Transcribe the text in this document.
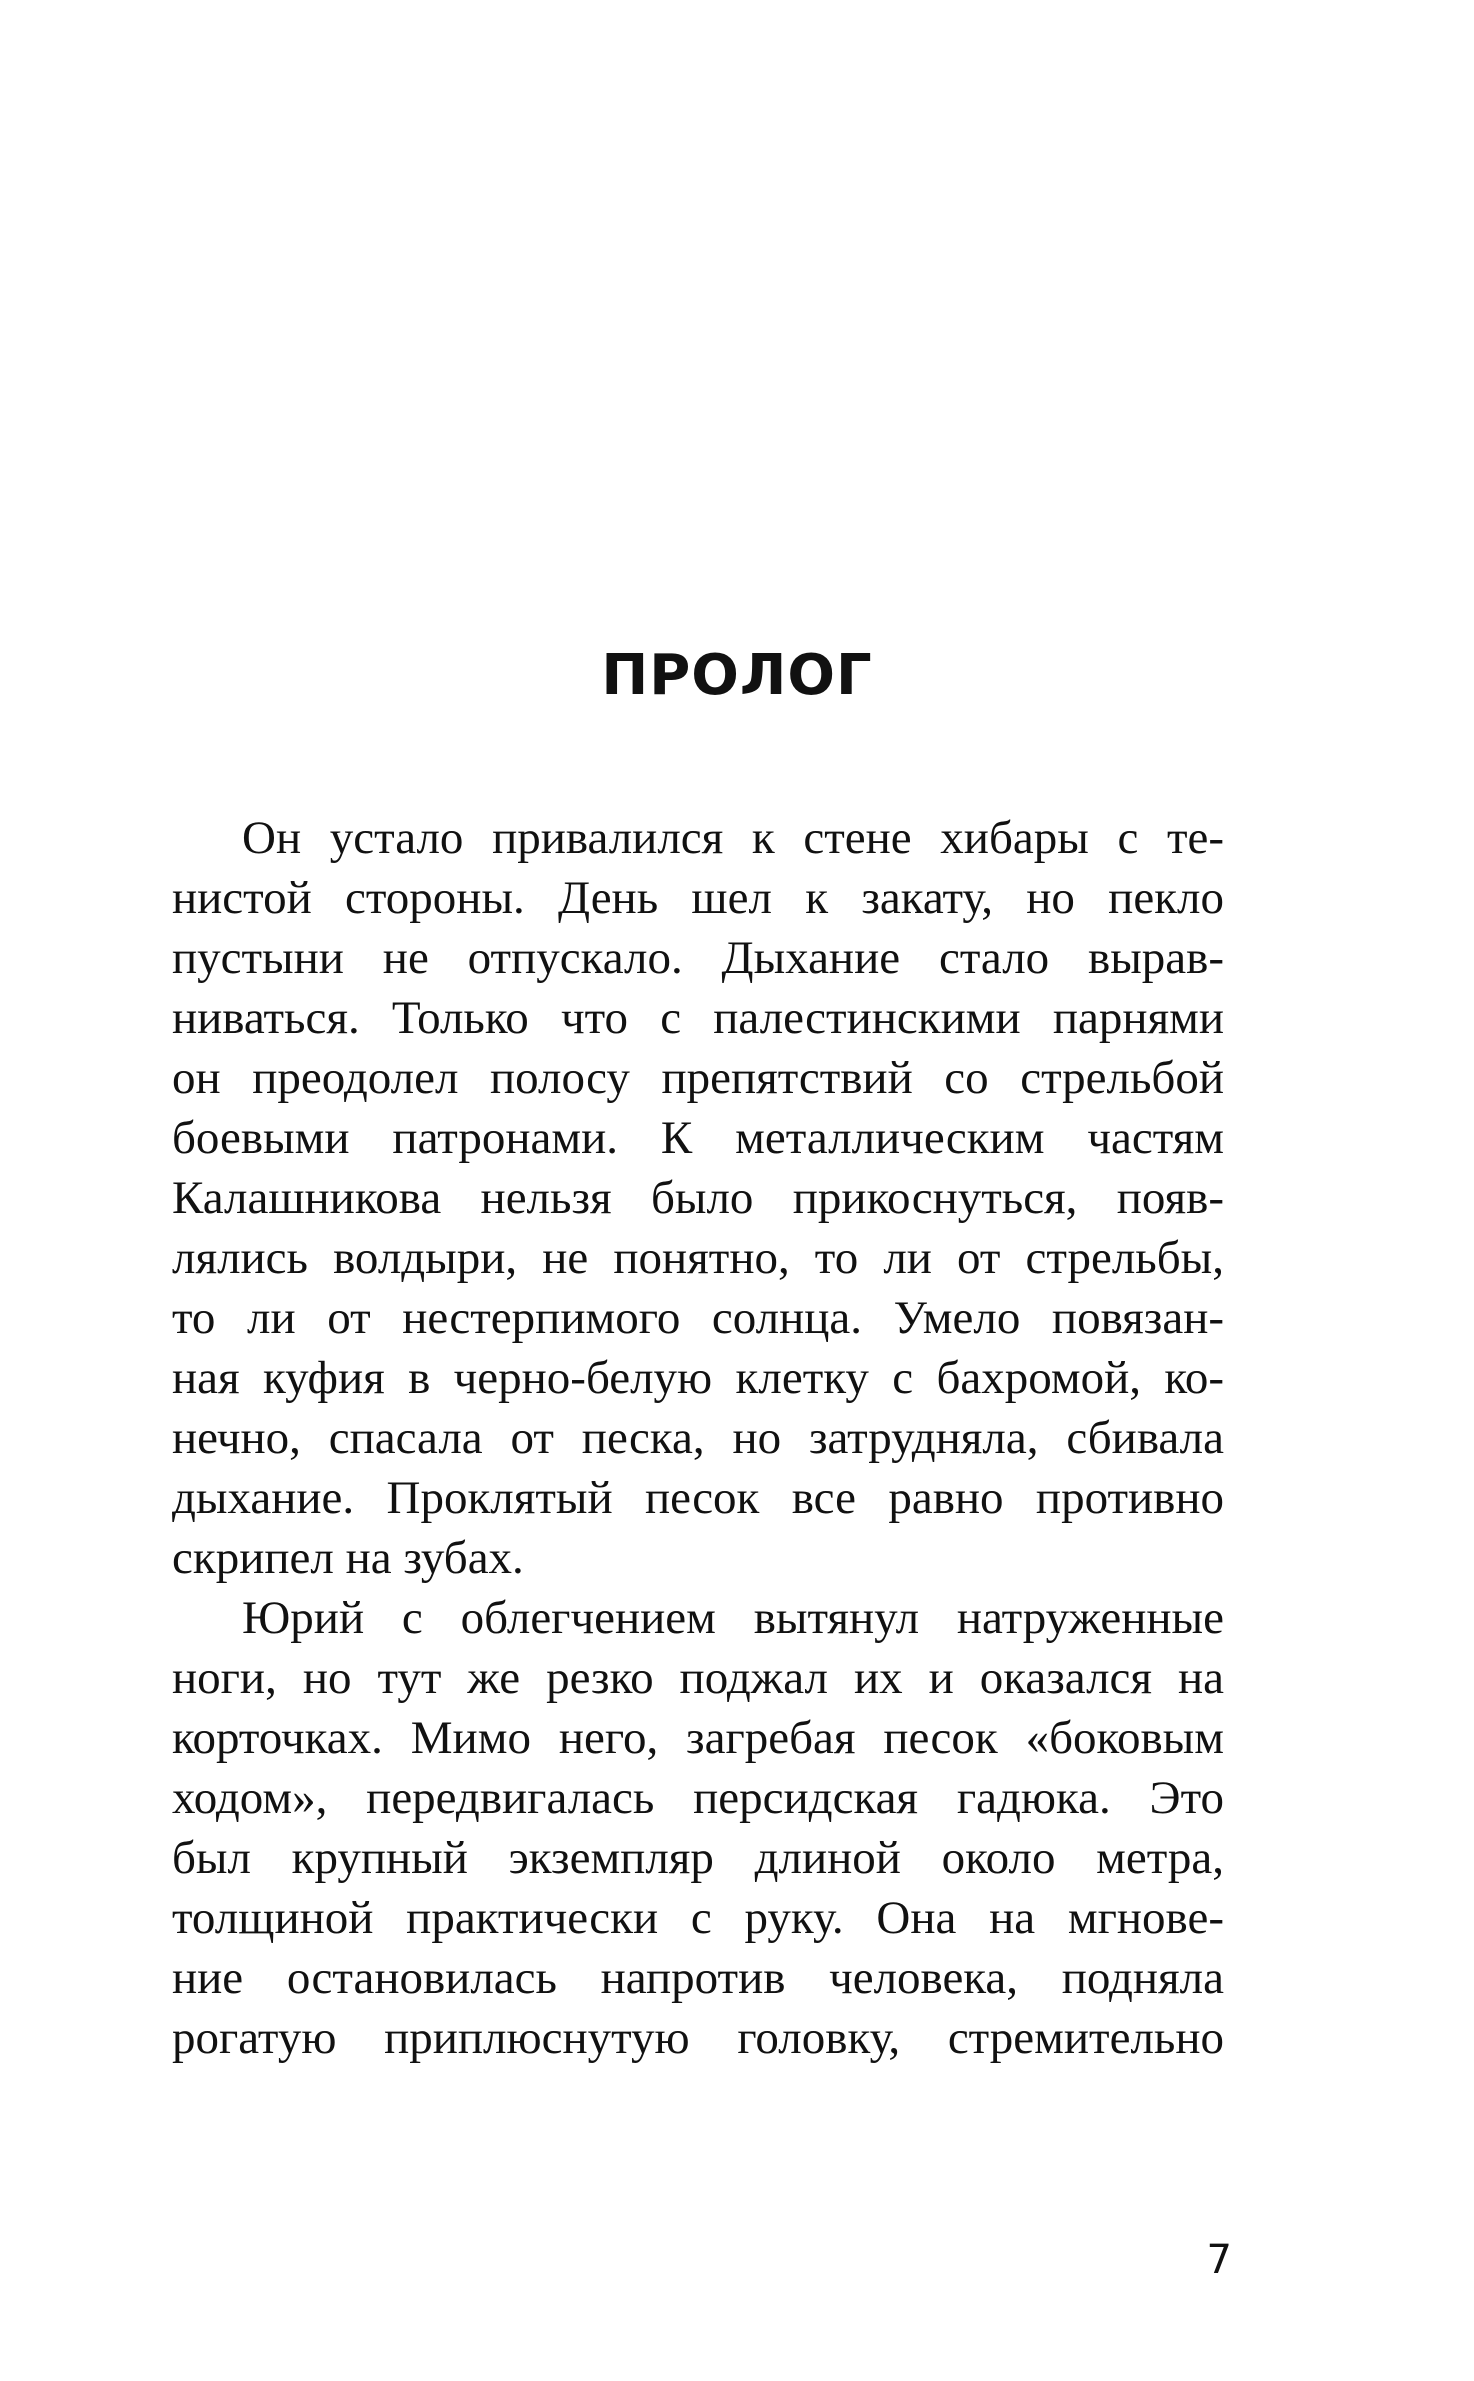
ПРОЛОГ
Он устало привалился к стене хибары с те-
нистой стороны. День шел к закату, но пекло
пустыни не отпускало. Дыхание стало вырав-
ниваться. Только что с палестинскими парнями
он преодолел полосу препятствий со стрельбой
боевыми патронами. К металлическим частям
Калашникова нельзя было прикоснуться, появ-
лялись волдыри, не понятно, то ли от стрельбы,
то ли от нестерпимого солнца. Умело повязан-
ная куфия в черно-белую клетку с бахромой, ко-
нечно, спасала от песка, но затрудняла, сбивала
дыхание. Проклятый песок все равно противно
скрипел на зубах.
Юрий с облегчением вытянул натруженные
ноги, но тут же резко поджал их и оказался на
корточках. Мимо него, загребая песок «боковым
ходом», передвигалась персидская гадюка. Это
был крупный экземпляр длиной около метра,
толщиной практически с руку. Она на мгнове-
ние остановилась напротив человека, подняла
рогатую приплюснутую головку, стремительно
7
